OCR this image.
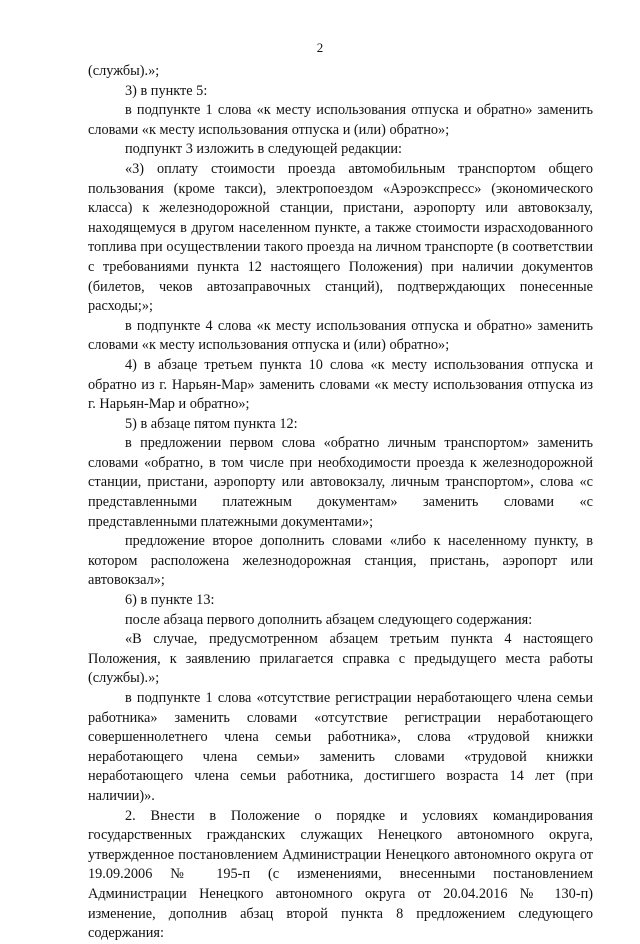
2

(службы).»;

3) в пункте 5:

в подпункте 1 слова «к месту использования отпуска и обратно» заменить словами «к месту использования отпуска и (или) обратно»;

подпункт 3 изложить в следующей редакции:

«3) оплату стоимости проезда автомобильным транспортом общего пользования (кроме такси), электропоездом «Аэроэкспресс» (экономического класса) к железнодорожной станции, пристани, аэропорту или автовокзалу, находящемуся в другом населенном пункте, а также стоимости израсходованного топлива при осуществлении такого проезда на личном транспорте (в соответствии с требованиями пункта 12 настоящего Положения) при наличии документов (билетов, чеков автозаправочных станций), подтверждающих понесенные расходы;»;

в подпункте 4 слова «к месту использования отпуска и обратно» заменить словами «к месту использования отпуска и (или) обратно»;

4) в абзаце третьем пункта 10 слова «к месту использования отпуска и обратно из г. Нарьян-Мар» заменить словами «к месту использования отпуска из г. Нарьян-Мар и обратно»;

5) в абзаце пятом пункта 12:

в предложении первом слова «обратно личным транспортом» заменить словами «обратно, в том числе при необходимости проезда к железнодорожной станции, пристани, аэропорту или автовокзалу, личным транспортом», слова «с представленными платежным документам» заменить словами «с представленными платежными документами»;

предложение второе дополнить словами «либо к населенному пункту, в котором расположена железнодорожная станция, пристань, аэропорт или автовокзал»;

6) в пункте 13:

после абзаца первого дополнить абзацем следующего содержания:

«В случае, предусмотренном абзацем третьим пункта 4 настоящего Положения, к заявлению прилагается справка с предыдущего места работы (службы).»;

в подпункте 1 слова «отсутствие регистрации неработающего члена семьи работника» заменить словами «отсутствие регистрации неработающего совершеннолетнего члена семьи работника», слова «трудовой книжки неработающего члена семьи» заменить словами «трудовой книжки неработающего члена семьи работника, достигшего возраста 14 лет (при наличии)».

2. Внести в Положение о порядке и условиях командирования государственных гражданских служащих Ненецкого автономного округа, утвержденное постановлением Администрации Ненецкого автономного округа от 19.09.2006 № 195-п (с изменениями, внесенными постановлением Администрации Ненецкого автономного округа от 20.04.2016 № 130-п) изменение, дополнив абзац второй пункта 8 предложением следующего содержания:
